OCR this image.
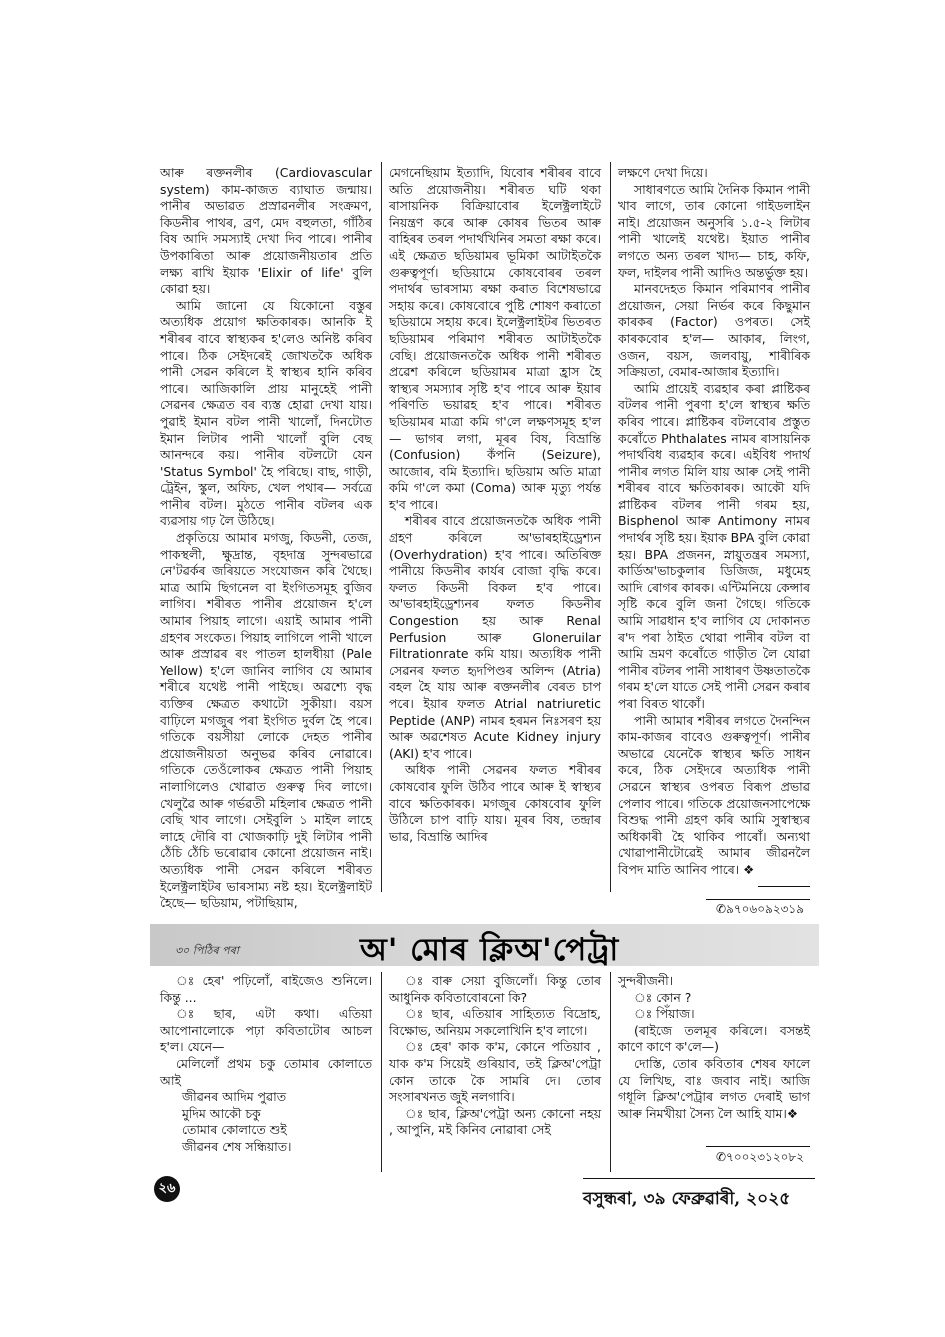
আৰু ৰক্তনলীৰ (Cardiovascular system) কাম-কাজত ব্যাঘাত জন্মায়। পানীৰ অভাৱত প্ৰস্ৰাৱনলীৰ সংক্ৰমণ, কিডনীৰ পাথৰ, ব্ৰণ, মেদ বহুলতা, গাঁঠিৰ বিষ আদি সমস্যাই দেখা দিব পাৰে। পানীৰ উপকাৰিতা আৰু প্ৰয়োজনীয়তাৰ প্ৰতি লক্ষ্য ৰাখি ইয়াক 'Elixir of life' বুলি কোৱা হয়।

আমি জানো যে যিকোনো বস্তুৰ অত্যধিক প্ৰয়োগ ক্ষতিকাৰক। আনকি ই শৰীৰৰ বাবে স্বাস্থ্যকৰ হ'লেও অনিষ্ট কৰিব পাৰে। ঠিক সেইদৰেই জোখতকৈ অধিক পানী সেৱন কৰিলে ই স্বাস্থ্যৰ হানি কৰিব পাৰে। আজিকালি প্ৰায় মানুহেই পানী সেৱনৰ ক্ষেত্ৰত বৰ ব্যস্ত হোৱা দেখা যায়। পুৱাই ইমান বটল পানী খালোঁ, দিনটোত ইমান লিটাৰ পানী খালোঁ বুলি বেছ আনন্দৰে কয়। পানীৰ বটলটো যেন 'Status Symbol' হৈ পৰিছে। বাছ, গাড়ী, ট্ৰেইন, স্কুল, অফিচ, খেল পথাৰ— সৰ্বত্ৰে পানীৰ বটল। মুঠতে পানীৰ বটলৰ এক ব্যৱসায় গঢ় লৈ উঠিছে।

প্ৰকৃতিয়ে আমাৰ মগজু, কিডনী, তেজ, পাকস্থলী, ক্ষুদ্ৰান্ত, বৃহদান্ত্ৰ সুন্দৰভাৱে নে'টৱৰ্কৰ জৰিয়তে সংযোজন কৰি থৈছে। মাত্ৰ আমি ছিগনেল বা ইংগিতসমূহ বুজিব লাগিব। শৰীৰত পানীৰ প্ৰয়োজন হ'লে আমাৰ পিয়াহ লাগে। এয়াই আমাৰ পানী গ্ৰহণৰ সংকেত। পিয়াহ লাগিলে পানী খালে আৰু প্ৰস্ৰাৱৰ ৰং পাতল হালধীয়া (Pale Yellow) হ'লে জানিব লাগিব যে আমাৰ শৰীৰে যথেষ্ট পানী পাইছে। অৱশ্যে বৃদ্ধ ব্যক্তিৰ ক্ষেত্ৰত কথাটো সুকীয়া। বয়স বাঢ়িলে মগজুৰ পৰা ইংগিত দুৰ্বল হৈ পৰে। গতিকে বয়সীয়া লোকে দেহত পানীৰ প্ৰয়োজনীয়তা অনুভৱ কৰিব নোৱাৰে। গতিকে তেওঁলোকৰ ক্ষেত্ৰত পানী পিয়াহ নালাগিলেও খোৱাত গুৰুত্ব দিব লাগে। খেলুৱৈ আৰু গৰ্ভৱতী মহিলাৰ ক্ষেত্ৰত পানী বেছি খাব লাগে। সেইবুলি ১ মাইল লাহে লাহে দৌৰি বা খোজকাঢ়ি দুই লিটাৰ পানী ঠেঁচি ঠেঁচি ভৰোৱাৰ কোনো প্ৰয়োজন নাই। অত্যধিক পানী সেৱন কৰিলে শৰীৰত ইলেক্ট্ৰলাইটৰ ভাৰসাম্য নষ্ট হয়। ইলেক্ট্ৰলাইট হৈছে— ছডিয়াম, পটাছিয়াম,

মেগনেছিয়াম ইত্যাদি, যিবোৰ শৰীৰৰ বাবে অতি প্ৰয়োজনীয়। শৰীৰত ঘটি থকা ৰাসায়নিক বিক্ৰিয়াবোৰ ইলেক্ট্ৰলাইটে নিয়ন্ত্ৰণ কৰে আৰু কোষৰ ভিতৰ আৰু বাহিৰৰ তৰল পদাৰ্থখিনিৰ সমতা ৰক্ষা কৰে। এই ক্ষেত্ৰত ছডিয়ামৰ ভূমিকা আটাইতকৈ গুৰুত্বপূৰ্ণ। ছডিয়ামে কোষবোৰৰ তৰল পদাৰ্থৰ ভাৰসাম্য ৰক্ষা কৰাত বিশেষভাৱে সহায় কৰে। কোষবোৰে পুষ্টি শোষণ কৰাতো ছডিয়ামে সহায় কৰে। ইলেক্ট্ৰলাইটৰ ভিতৰত ছডিয়ামৰ পৰিমাণ শৰীৰত আটাইতকৈ বেছি। প্ৰয়োজনতকৈ অধিক পানী শৰীৰত প্ৰৱেশ কৰিলে ছডিয়ামৰ মাত্ৰা হ্ৰাস হৈ স্বাস্থ্যৰ সমস্যাৰ সৃষ্টি হ'ব পাৰে আৰু ইয়াৰ পৰিণতি ভয়াৱহ হ'ব পাৰে। শৰীৰত ছডিয়ামৰ মাত্ৰা কমি গ'লে লক্ষণসমূহ হ'ল— ভাগৰ লগা, মূৰৰ বিষ, বিভ্ৰান্তি (Confusion) কঁপনি (Seizure), আজোৰ, বমি ইত্যাদি। ছডিয়াম অতি মাত্ৰা কমি গ'লে কমা (Coma) আৰু মৃত্যু পৰ্যন্ত হ'ব পাৰে।

শৰীৰৰ বাবে প্ৰয়োজনতকৈ অধিক পানী গ্ৰহণ কৰিলে অ'ভাৰহাইড্ৰেশ্যন (Overhydration) হ'ব পাৰে। অতিৰিক্ত পানীয়ে কিডনীৰ কাৰ্যৰ বোজা বৃদ্ধি কৰে। ফলত কিডনী বিকল হ'ব পাৰে। অ'ভাৰহাইড্ৰেশ্যনৰ ফলত কিডনীৰ Congestion হয় আৰু Renal Perfusion আৰু Gloneruilar Filtrationrate কমি যায়। অত্যধিক পানী সেৱনৰ ফলত হৃদপিণ্ডৰ অলিন্দ (Atria) বহল হৈ যায় আৰু ৰক্তনলীৰ বেৰত চাপ পৰে। ইয়াৰ ফলত Atrial natriuretic Peptide (ANP) নামৰ হৰমন নিঃসৰণ হয় আৰু অৱশেষত Acute Kidney injury (AKI) হ'ব পাৰে।

অধিক পানী সেৱনৰ ফলত শৰীৰৰ কোষবোৰ ফুলি উঠিব পাৰে আৰু ই স্বাস্থ্যৰ বাবে ক্ষতিকাৰক। মগজুৰ কোষবোৰ ফুলি উঠিলে চাপ বাঢ়ি যায়। মূৰৰ বিষ, তন্দ্ৰাৰ ভাৱ, বিভ্ৰান্তি আদিৰ

লক্ষণে দেখা দিয়ে।

সাধাৰণতে আমি দৈনিক কিমান পানী খাব লাগে, তাৰ কোনো গাইডলাইন নাই। প্ৰয়োজন অনুসৰি ১.৫-২ লিটাৰ পানী খালেই যথেষ্ট। ইয়াত পানীৰ লগতে অন্য তৰল খাদ্য— চাহ, কফি, ফল, দাইলৰ পানী আদিও অন্তৰ্ভুক্ত হয়।

মানবদেহত কিমান পৰিমাণৰ পানীৰ প্ৰয়োজন, সেয়া নিৰ্ভৰ কৰে কিছুমান কাৰকৰ (Factor) ওপৰত। সেই কাৰকবোৰ হ'ল— আকাৰ, লিংগ, ওজন, বয়স, জলবায়ু, শাৰীৰিক সক্ৰিয়তা, বেমাৰ-আজাৰ ইত্যাদি।

আমি প্ৰায়েই ব্যৱহাৰ কৰা প্লাষ্টিকৰ বটলৰ পানী পুৰণা হ'লে স্বাস্থ্যৰ ক্ষতি কৰিব পাৰে। প্লাষ্টিকৰ বটলবোৰ প্ৰস্তুত কৰোঁতে Phthalates নামৰ ৰাসায়নিক পদাৰ্থবিধ ব্যৱহাৰ কৰে। এইবিধ পদাৰ্থ পানীৰ লগত মিলি যায় আৰু সেই পানী শৰীৰৰ বাবে ক্ষতিকাৰক। আকৌ যদি প্লাষ্টিকৰ বটলৰ পানী গৰম হয়, Bisphenol আৰু Antimony নামৰ পদাৰ্থৰ সৃষ্টি হয়। ইয়াক BPA বুলি কোৱা হয়। BPA প্ৰজনন, স্নায়ুতন্ত্ৰৰ সমস্যা, কাৰ্ডিঅ'ভাচকুলাৰ ডিজিজ, মধুমেহ আদি ৰোগৰ কাৰক। এন্টিমনিয়ে কেন্সাৰ সৃষ্টি কৰে বুলি জনা গৈছে। গতিকে আমি সাৱধান হ'ব লাগিব যে দোকানত ৰ'দ পৰা ঠাইত থোৱা পানীৰ বটল বা আমি ভ্ৰমণ কৰোঁতে গাড়ীত লৈ যোৱা পানীৰ বটলৰ পানী সাধাৰণ উষ্ণতাতকৈ গৰম হ'লে যাতে সেই পানী সেৱন কৰাৰ পৰা বিৰত থাকোঁ।

পানী আমাৰ শৰীৰৰ লগতে দৈনন্দিন কাম-কাজৰ বাবেও গুৰুত্বপূৰ্ণ। পানীৰ অভাৱে যেনেকৈ স্বাস্থ্যৰ ক্ষতি সাধন কৰে, ঠিক সেইদৰে অত্যধিক পানী সেৱনে স্বাস্থ্যৰ ওপৰত বিৰূপ প্ৰভাৱ পেলাব পাৰে। গতিকে প্ৰয়োজনসাপেক্ষে বিশুদ্ধ পানী গ্ৰহণ কৰি আমি সুস্বাস্থ্যৰ অধিকাৰী হৈ থাকিব পাৰোঁ। অন্যথা খোৱাপানীটোৱেই আমাৰ জীৱনলৈ বিপদ মাতি আনিব পাৰে। ❖

✆৯৭০৬০৯২৩১৯
৩০ পিঠিৰ পৰা	অ' মোৰ ক্লিঅ'পেট্ৰা

ঃ হেৰ' পঢ়িলোঁ, ৰাইজেও শুনিলে। কিন্তু ...

ঃ ছাৰ, এটা কথা। এতিয়া আপোনালোকে পঢ়া কবিতাটোৰ আচল হ'ল। যেনে—

মেলিলোঁ প্ৰথম চকু তোমাৰ কোলাতে আই

জীৱনৰ আদিম পুৱাত

মুদিম আকৌ চকু

তোমাৰ কোলাতে শুই

জীৱনৰ শেষ সন্ধিয়াত।

ঃ বাৰু সেয়া বুজিলোঁ। কিন্তু তোৰ আধুনিক কবিতাবোৰনো কি?

ঃ ছাৰ, এতিয়াৰ সাহিত্যত বিদ্ৰোহ, বিক্ষোভ, অনিয়ম সকলোখিনি হ'ব লাগে।

ঃ হেৰ' কাক ক'ম, কোনে পতিয়াব , যাক ক'ম সিয়েই গুৰিয়াব, তই ক্লিঅ'পেট্ৰা কোন তাকে কৈ সামৰি দে। তোৰ সংসাৰখনত জুই নলগাবি।

ঃ ছাৰ, ক্লিঅ'পেট্ৰা অন্য কোনো নহয় , আপুনি, মই কিনিব নোৱাৰা সেই

সুন্দৰীজনী।

ঃ কোন ?

ঃ পিঁয়াজ।

(ৰাইজে তলমূৰ কৰিলে। বসন্তই কাণে কাণে ক'লে—)

দোস্তি, তোৰ কবিতাৰ শেষৰ ফালে যে লিখিছ, বাঃ জবাব নাই। আজি গধূলি ক্লিঅ'পেট্ৰাৰ লগত দেৰাই ভাগ আৰু নিমখীয়া সৈন্য লৈ আহি যাম।❖

✆৭০০২৩১২০৮২
২৬
বসুন্ধৰা, ৩৯ ফেব্ৰুৱাৰী, ২০২৫
